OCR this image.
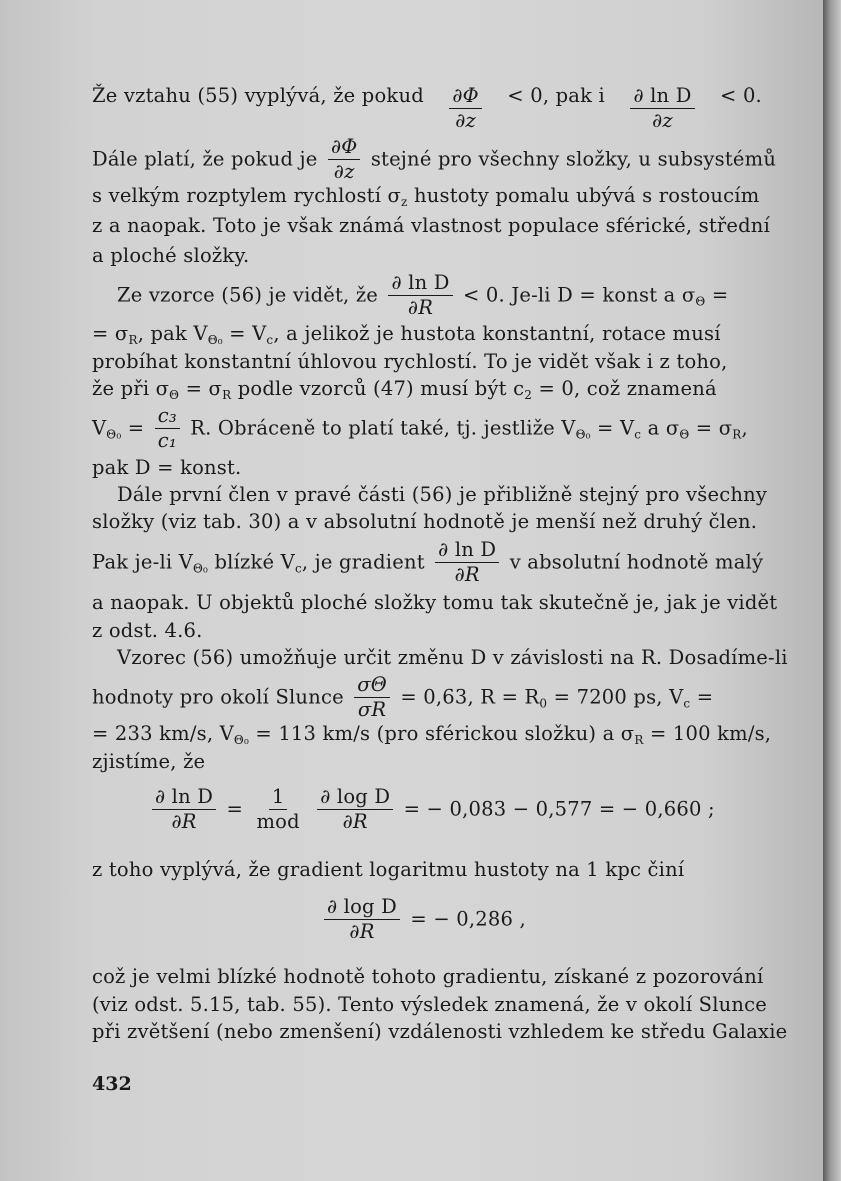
Že vztahu (55) vyplývá, že pokud $\frac{\partial\Phi}{\partial z} < 0$, pak i $\frac{\text{∂ ln D}}{\partial z} < 0$.
Dále platí, že pokud je $\frac{\partial\Phi}{\partial z}$ stejné pro všechny složky, u subsystémů
s velkým rozptylem rychlostí $\sigma_z$ hustoty pomalu ubývá s rostoucím
z a naopak. Toto je však známá vlastnost populace sférické, střední
a ploché složky.
Ze vzorce (56) je vidět, že $\frac{\text{∂ ln D}}{\partial R} < 0$. Je-li D = konst a $\sigma_\Theta$ =
= $\sigma_R$, pak $V_{\Theta_0} = V_c$, a jelikož je hustota konstantní, rotace musí
probíhat konstantní úhlovou rychlostí. To je vidět však i z toho,
že při $\sigma_\Theta = \sigma_R$ podle vzorců (47) musí být $c_2 = 0$, což znamená
$V_{\Theta_0} = \frac{\text{c₃}}{\text{c₁}} R$. Obráceně to platí také, tj. jestliže $V_{\Theta_0} = V_c$ a $\sigma_\Theta = \sigma_R$,
pak D = konst.
Dále první člen v pravé části (56) je přibližně stejný pro všechny
složky (viz tab. 30) a v absolutní hodnotě je menší než druhý člen.
Pak je-li $V_{\Theta_0}$ blízké $V_c$, je gradient $\frac{\text{∂ ln D}}{\partial R}$ v absolutní hodnotě malý
a naopak. U objektů ploché složky tomu tak skutečně je, jak je vidět
z odst. 4.6.
Vzorec (56) umožňuje určit změnu D v závislosti na R. Dosadíme-li
hodnoty pro okolí Slunce $\frac{\sigma\Theta}{\sigma R} = 0,63$, $R = R_0 = 7200$ ps, $V_c$ =
= 233 km/s, $V_{\Theta_0} = 113$ km/s (pro sférickou složku) a $\sigma_R = 100$ km/s,
zjistíme, že
$\frac{\text{∂ ln D}}{\partial R} = \frac{1}{\text{mod}}$
$\frac{\text{∂ log D}}{\partial R}$ = − 0,083 − 0,577 = − 0,660 ;
z toho vyplývá, že gradient logaritmu hustoty na 1 kpc činí
$\frac{\text{∂ log D}}{\partial R}$ = − 0,286 ,
což je velmi blízké hodnotě tohoto gradientu, získané z pozorování
(viz odst. 5.15, tab. 55). Tento výsledek znamená, že v okolí Slunce
při zvětšení (nebo zmenšení) vzdálenosti vzhledem ke středu Galaxie
432
